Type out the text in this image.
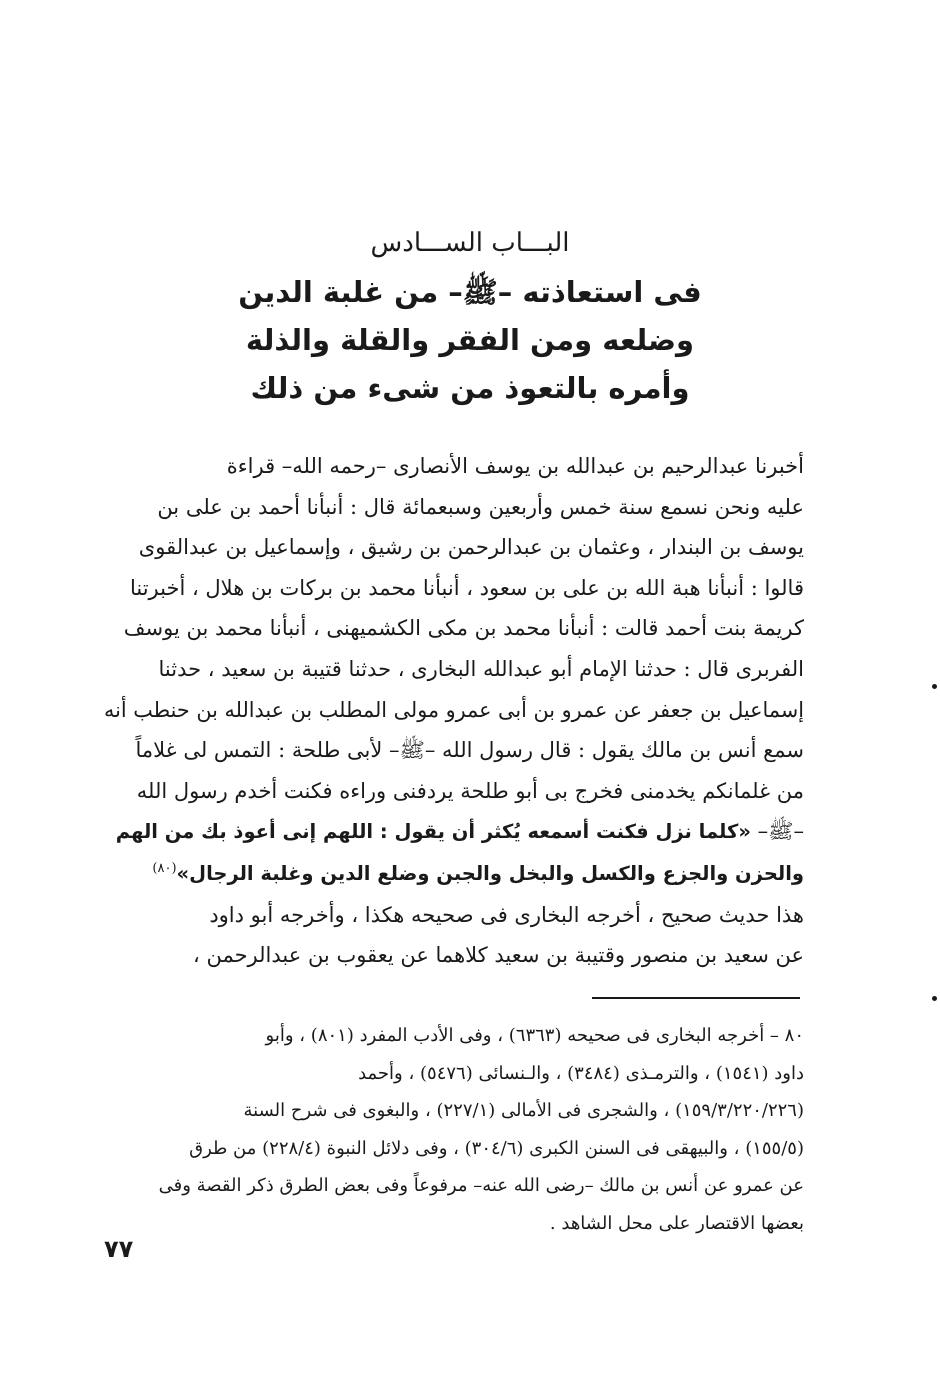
البـــاب الســـادس
فى استعاذته –ﷺ– من غلبة الدين
وضلعه ومن الفقر والقلة والذلة
وأمره بالتعوذ من شىء من ذلك
أخبرنا عبدالرحيم بن عبدالله بن يوسف الأنصارى –رحمه الله– قراءة
عليه ونحن نسمع سنة خمس وأربعين وسبعمائة قال : أنبأنا أحمد بن على بن
يوسف بن البندار ، وعثمان بن عبدالرحمن بن رشيق ، وإسماعيل بن عبدالقوى
قالوا : أنبأنا هبة الله بن على بن سعود ، أنبأنا محمد بن بركات بن هلال ، أخبرتنا
كريمة بنت أحمد قالت : أنبأنا محمد بن مكى الكشميهنى ، أنبأنا محمد بن يوسف
الفربرى قال : حدثنا الإمام أبو عبدالله البخارى ، حدثنا قتيبة بن سعيد ، حدثنا
إسماعيل بن جعفر عن عمرو بن أبى عمرو مولى المطلب بن عبدالله بن حنطب أنه
سمع أنس بن مالك يقول : قال رسول الله –ﷺ– لأبى طلحة : التمس لى غلاماً
من غلمانكم يخدمنى فخرج بى أبو طلحة يردفنى وراءه فكنت أخدم رسول الله
–ﷺ– «كلما نزل فكنت أسمعه يُكثر أن يقول : اللهم إنى أعوذ بك من الهم
والحزن والجزع والكسل والبخل والجبن وضلع الدين وغلبة الرجال»$^{(٨٠)}$
هذا حديث صحيح ، أخرجه البخارى فى صحيحه هكذا ، وأخرجه أبو داود
عن سعيد بن منصور وقتيبة بن سعيد كلاهما عن يعقوب بن عبدالرحمن ،
٨٠ – أخرجه البخارى فى صحيحه (٦٣٦٣) ، وفى الأدب المفرد (٨٠١) ، وأبو
داود (١٥٤١) ، والترمـذى (٣٤٨٤) ، والـنسائى (٥٤٧٦) ، وأحمد
(١٥٩/٣/٢٢٠/٢٢٦) ، والشجرى فى الأمالى (٢٢٧/١) ، والبغوى فى شرح السنة
(١٥٥/٥) ، والبيهقى فى السنن الكبرى (٣٠٤/٦) ، وفى دلائل النبوة (٢٢٨/٤) من طرق
عن عمرو عن أنس بن مالك –رضى الله عنه– مرفوعاً وفى بعض الطرق ذكر القصة وفى
بعضها الاقتصار على محل الشاهد .
٧٧
